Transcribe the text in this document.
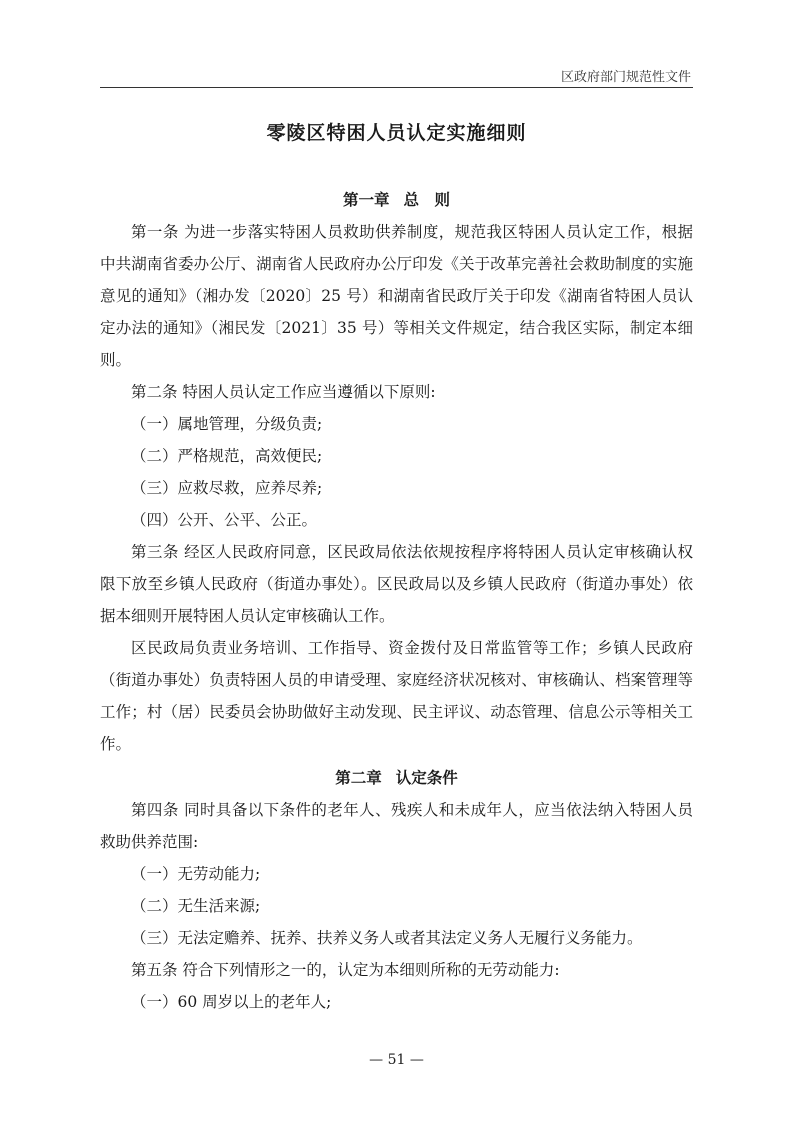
区政府部门规范性文件
零陵区特困人员认定实施细则
第一章 总　则

第一条 为进一步落实特困人员救助供养制度，规范我区特困人员认定工作，根据中共湖南省委办公厅、湖南省人民政府办公厅印发《关于改革完善社会救助制度的实施意见的通知》（湘办发〔2020〕25 号）和湖南省民政厅关于印发《湖南省特困人员认定办法的通知》（湘民发〔2021〕35 号）等相关文件规定，结合我区实际，制定本细则。

第二条 特困人员认定工作应当遵循以下原则:

（一）属地管理，分级负责;

（二）严格规范，高效便民;

（三）应救尽救，应养尽养;

（四）公开、公平、公正。

第三条 经区人民政府同意，区民政局依法依规按程序将特困人员认定审核确认权限下放至乡镇人民政府（街道办事处）。区民政局以及乡镇人民政府（街道办事处）依据本细则开展特困人员认定审核确认工作。

区民政局负责业务培训、工作指导、资金拨付及日常监管等工作；乡镇人民政府（街道办事处）负责特困人员的申请受理、家庭经济状况核对、审核确认、档案管理等工作；村（居）民委员会协助做好主动发现、民主评议、动态管理、信息公示等相关工作。

第二章 认定条件

第四条 同时具备以下条件的老年人、残疾人和未成年人，应当依法纳入特困人员救助供养范围:

（一）无劳动能力;

（二）无生活来源;

（三）无法定赡养、抚养、扶养义务人或者其法定义务人无履行义务能力。

第五条 符合下列情形之一的，认定为本细则所称的无劳动能力:

（一）60 周岁以上的老年人;

— 51 —
